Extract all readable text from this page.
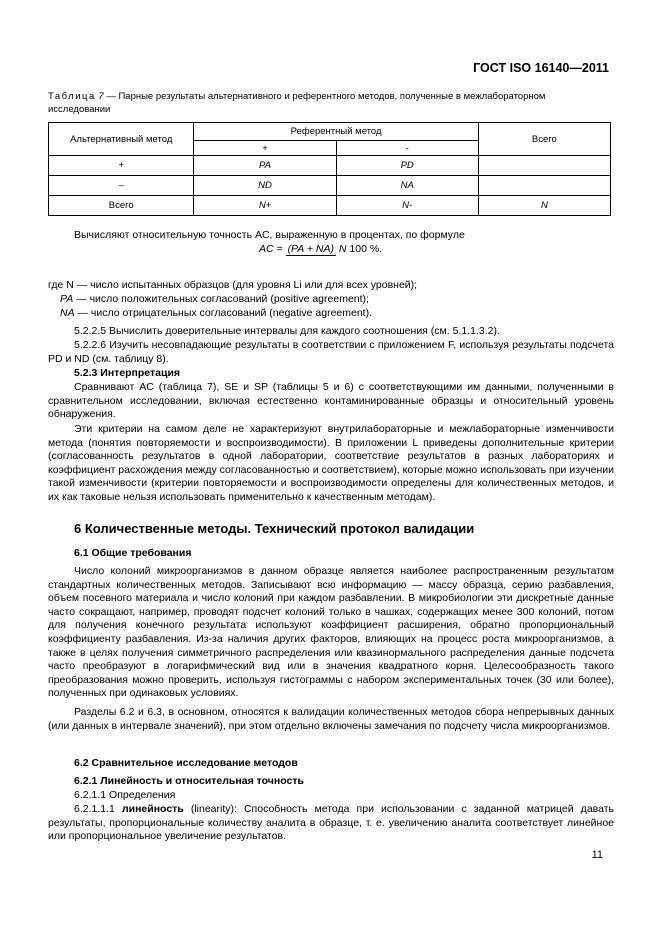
ГОСТ ISO 16140—2011
Таблица 7 — Парные результаты альтернативного и референтного методов, полученные в межлабораторном исследовании
Альтернативный метод	Референтный метод		Всего
	+	-	
+	PA	PD	
–	ND	NA	
Всего	N+	N-	N
Вычисляют относительную точность AC, выраженную в процентах, по формуле
AC = (PA + NA) N 100 %.
где N — число испытанных образцов (для уровня Li или для всех уровней);
PA — число положительных согласований (positive agreement);
NA — число отрицательных согласований (negative agreement).
5.2.2.5 Вычислить доверительные интервалы для каждого соотношения (см. 5.1.1.3.2).
5.2.2.6 Изучить несовпадающие результаты в соответствии с приложением F, используя результаты подсчета PD и ND (см. таблицу 8).
5.2.3 Интерпретация
Сравнивают AC (таблица 7), SE и SP (таблицы 5 и 6) с соответствующими им данными, полученными в сравнительном исследовании, включая естественно контаминированные образцы и относительный уровень обнаружения.
Эти критерии на самом деле не характеризуют внутрилабораторные и межлабораторные изменчивости метода (понятия повторяемости и воспроизводимости). В приложении L приведены дополнительные критерии (согласованность результатов в одной лаборатории, соответствие результатов в разных лабораториях и коэффициент расхождения между согласованностью и соответствием), которые можно использовать при изучении такой изменчивости (критерии повторяемости и воспроизводимости определены для количественных методов, и их как таковые нельзя использовать применительно к качественным методам).
6 Количественные методы. Технический протокол валидации
6.1 Общие требования
Число колоний микроорганизмов в данном образце является наиболее распространенным результатом стандартных количественных методов. Записывают всю информацию — массу образца, серию разбавления, объем посевного материала и число колоний при каждом разбавлении. В микробиологии эти дискретные данные часто сокращают, например, проводят подсчет колоний только в чашках, содержащих менее 300 колоний, потом для получения конечного результата используют коэффициент расширения, обратно пропорциональный коэффициенту разбавления. Из-за наличия других факторов, влияющих на процесс роста микроорганизмов, а также в целях получения симметричного распределения или квазинормального распределения данные подсчета часто преобразуют в логарифмический вид или в значения квадратного корня. Целесообразность такого преобразования можно проверить, используя гистограммы с набором экспериментальных точек (30 или более), полученных при одинаковых условиях.
Разделы 6.2 и 6.3, в основном, относятся к валидации количественных методов сбора непрерывных данных (или данных в интервале значений), при этом отдельно включены замечания по подсчету числа микроорганизмов.
6.2 Сравнительное исследование методов
6.2.1 Линейность и относительная точность
6.2.1.1 Определения
6.2.1.1.1 линейность (linearity): Способность метода при использовании с заданной матрицей давать результаты, пропорциональные количеству аналита в образце, т. е. увеличению аналита соответствует линейное или пропорциональное увеличение результатов.
11
